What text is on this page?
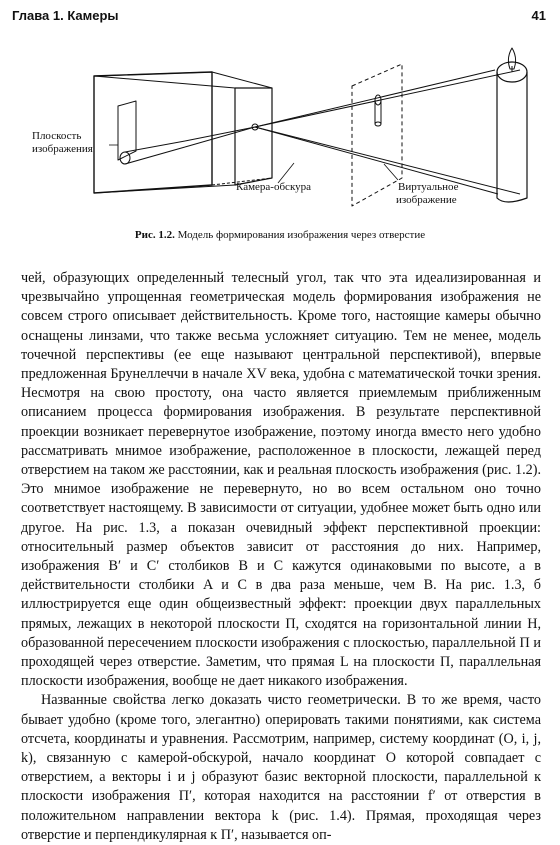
Глава 1. Камеры	41
Плоскость
изображения
Камера-обскура	Виртуальное
изображение
Рис. 1.2. Модель формирования изображения через отверстие

чей, образующих определенный телесный угол, так что эта идеализированная и чрезвычайно упрощенная геометрическая модель формирования изображения не совсем строго описывает действительность. Кроме того, настоящие камеры обычно оснащены линзами, что также весьма усложняет ситуацию. Тем не менее, модель точечной перспективы (ее еще называют центральной перспективой), впервые предложенная Брунеллеччи в начале XV века, удобна с математической точки зрения. Несмотря на свою простоту, она часто является приемлемым приближенным описанием процесса формирования изображения. В результате перспективной проекции возникает перевернутое изображение, поэтому иногда вместо него удобно рассматривать мнимое изображение, расположенное в плоскости, лежащей перед отверстием на таком же расстоянии, как и реальная плоскость изображения (рис. 1.2). Это мнимое изображение не перевернуто, но во всем остальном оно точно соответствует настоящему. В зависимости от ситуации, удобнее может быть одно или другое. На рис. 1.3, а показан очевидный эффект перспективной проекции: относительный размер объектов зависит от расстояния до них. Например, изображения B′ и C′ столбиков B и C кажутся одинаковыми по высоте, а в действительности столбики A и C в два раза меньше, чем B. На рис. 1.3, б иллюстрируется еще один общеизвестный эффект: проекции двух параллельных прямых, лежащих в некоторой плоскости Π, сходятся на горизонтальной линии H, образованной пересечением плоскости изображения с плоскостью, параллельной Π и проходящей через отверстие. Заметим, что прямая L на плоскости Π, параллельная плоскости изображения, вообще не дает никакого изображения.

Названные свойства легко доказать чисто геометрически. В то же время, часто бывает удобно (кроме того, элегантно) оперировать такими понятиями, как система отсчета, координаты и уравнения. Рассмотрим, например, систему координат (O, i, j, k), связанную с камерой-обскурой, начало координат O которой совпадает с отверстием, а векторы i и j образуют базис векторной плоскости, параллельной к плоскости изображения Π′, которая находится на расстоянии f′ от отверстия в положительном направлении вектора k (рис. 1.4). Прямая, проходящая через отверстие и перпендикулярная к Π′, называется оп-
